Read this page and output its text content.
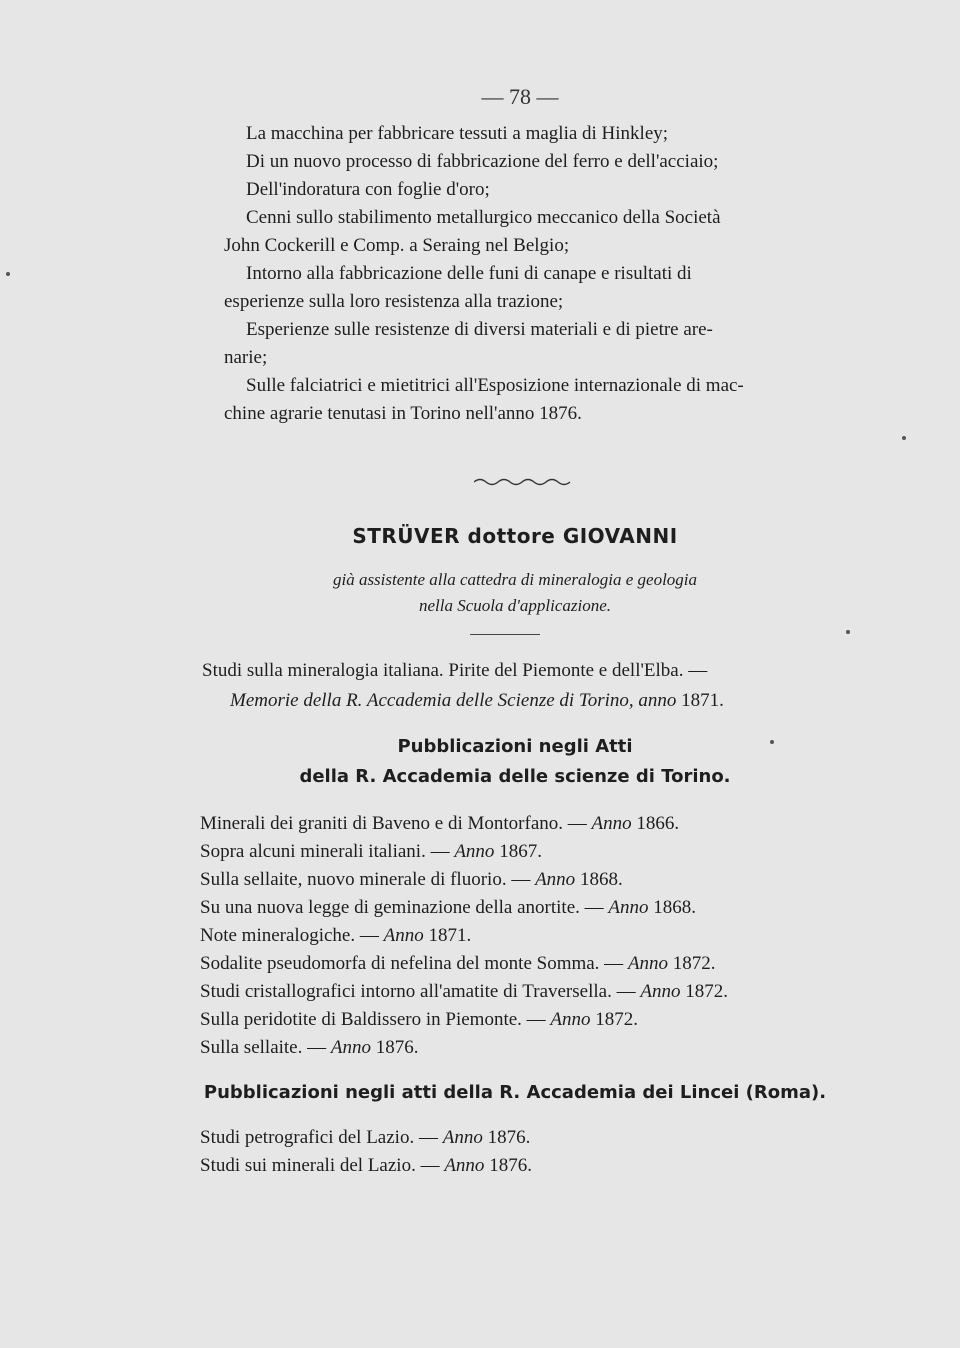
— 78 —
La macchina per fabbricare tessuti a maglia di Hinkley;
Di un nuovo processo di fabbricazione del ferro e dell'acciaio;
Dell'indoratura con foglie d'oro;
Cenni sullo stabilimento metallurgico meccanico della Società
John Cockerill e Comp. a Seraing nel Belgio;
Intorno alla fabbricazione delle funi di canape e risultati di
esperienze sulla loro resistenza alla trazione;
Esperienze sulle resistenze di diversi materiali e di pietre are-
narie;
Sulle falciatrici e mietitrici all'Esposizione internazionale di mac-
chine agrarie tenutasi in Torino nell'anno 1876.
STRÜVER dottore GIOVANNI
già assistente alla cattedra di mineralogia e geologia
nella Scuola d'applicazione.
Studi sulla mineralogia italiana. Pirite del Piemonte e dell'Elba. —
Memorie della R. Accademia delle Scienze di Torino, anno 1871.
Pubblicazioni negli Atti
della R. Accademia delle scienze di Torino.
Minerali dei graniti di Baveno e di Montorfano. — Anno 1866.
Sopra alcuni minerali italiani. — Anno 1867.
Sulla sellaite, nuovo minerale di fluorio. — Anno 1868.
Su una nuova legge di geminazione della anortite. — Anno 1868.
Note mineralogiche. — Anno 1871.
Sodalite pseudomorfa di nefelina del monte Somma. — Anno 1872.
Studi cristallografici intorno all'amatite di Traversella. — Anno 1872.
Sulla peridotite di Baldissero in Piemonte. — Anno 1872.
Sulla sellaite. — Anno 1876.
Pubblicazioni negli atti della R. Accademia dei Lincei (Roma).
Studi petrografici del Lazio. — Anno 1876.
Studi sui minerali del Lazio. — Anno 1876.
